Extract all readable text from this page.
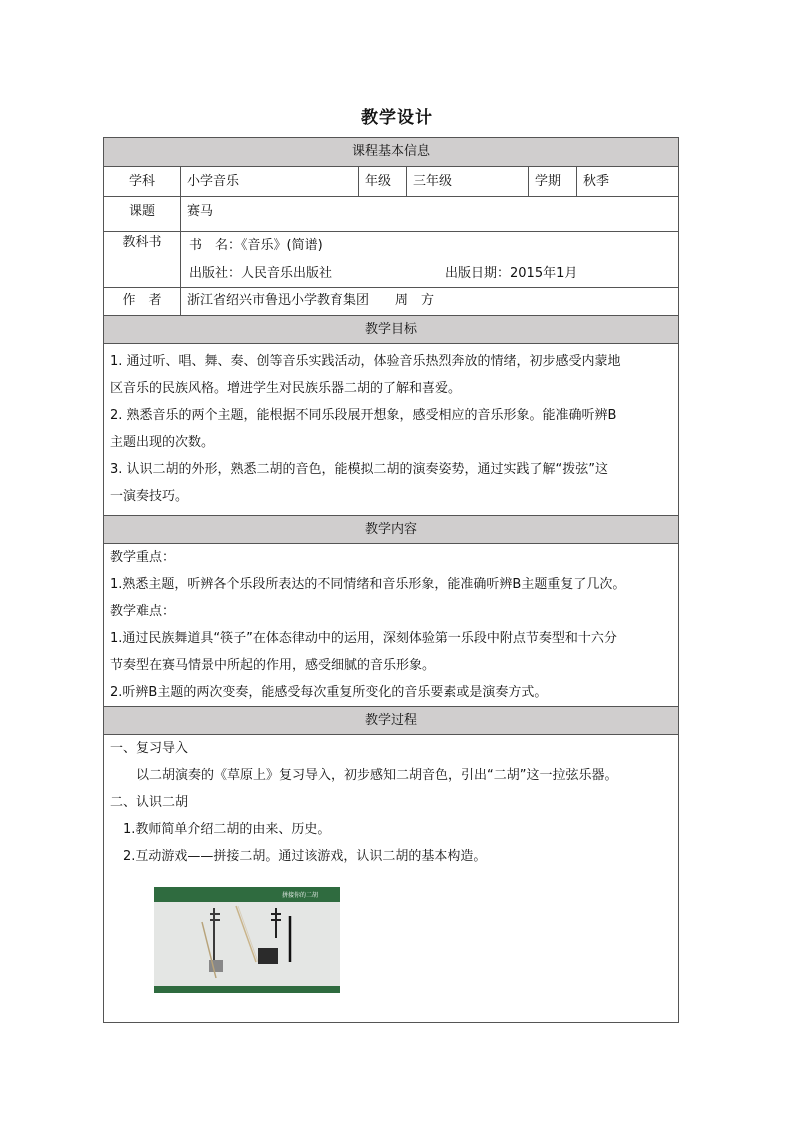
教学设计
课程基本信息
学科	小学音乐	年级	三年级	学期	秋季
课题	赛马
教科书	书　名：《音乐》(简谱)
出版社：人民音乐出版社	出版日期：2015年1月
作　者	浙江省绍兴市鲁迅小学教育集团　　周　方
教学目标

1. 通过听、唱、舞、奏、创等音乐实践活动，体验音乐热烈奔放的情绪，初步感受内蒙地

区音乐的民族风格。增进学生对民族乐器二胡的了解和喜爱。

2. 熟悉音乐的两个主题，能根据不同乐段展开想象，感受相应的音乐形象。能准确听辨B

主题出现的次数。

3. 认识二胡的外形，熟悉二胡的音色，能模拟二胡的演奏姿势，通过实践了解“拨弦”这

一演奏技巧。

教学内容

教学重点：

1.熟悉主题，听辨各个乐段所表达的不同情绪和音乐形象，能准确听辨B主题重复了几次。

教学难点：

1.通过民族舞道具“筷子”在体态律动中的运用，深刻体验第一乐段中附点节奏型和十六分

节奏型在赛马情景中所起的作用，感受细腻的音乐形象。

2.听辨B主题的两次变奏，能感受每次重复所变化的音乐要素或是演奏方式。

教学过程

一、复习导入

　　以二胡演奏的《草原上》复习导入，初步感知二胡音色，引出“二胡”这一拉弦乐器。

二、认识二胡

　1.教师简单介绍二胡的由来、历史。

　2.互动游戏——拼接二胡。通过该游戏，认识二胡的基本构造。

拼接你的二胡
